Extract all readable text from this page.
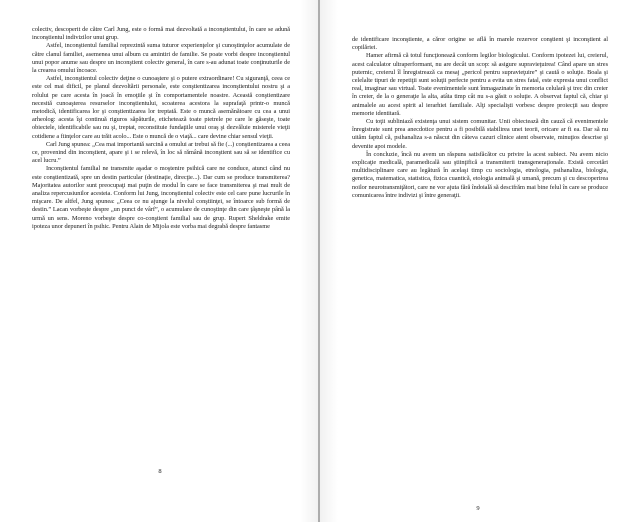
colectiv, descoperit de către Carl Jung, este o formă mai dezvoltată a inconştientului, în care se adună inconştientul indivizilor unui grup.

Astfel, inconştientul familial reprezintă suma tuturor experienţelor şi cunoştinţelor acumulate de către clanul familiei, asemenea unui album cu amintiri de familie. Se poate vorbi despre inconştientul unui popor anume sau despre un inconştient colectiv general, în care s-au adunat toate conţinuturile de la crearea omului încoace.

Astfel, inconştientul colectiv deţine o cunoaştere şi o putere extraordinare! Cu siguranţă, ceea ce este cel mai dificil, pe planul dezvoltării personale, este conştientizarea inconştientului nostru şi a rolului pe care acesta în joacă în emoţiile şi în comportamentele noastre. Această conştientizare necesită cunoaşterea resurselor inconştientului, scoaterea acestora la suprafaţă printr-o muncă metodică, identificarea lor şi conştientizarea lor treptată. Este o muncă asemănătoare cu cea a unui arheolog: acesta îşi continuă riguros săpăturile, etichetează toate pietrele pe care le găseşte, toate obiectele, identificabile sau nu şi, treptat, reconstituie fundaţiile unui oraş şi dezvăluie misterele vieţii cotidiene a fiinţelor care au trăit acolo... Este o muncă de o viaţă... care devine chiar sensul vieţii.

Carl Jung spunea: „Cea mai importantă sarcină a omului ar trebui să fie (...) conştientizarea a ceea ce, provenind din inconştient, apare şi i se relevă, în loc să rămână inconştient sau să se identifice cu acel lucru.”

Inconştientul familial ne transmite aşadar o moştenire psihică care ne conduce, atunci când nu este conştientizată, spre un destin particular (destinaţie, direcţie...). Dar cum se produce transmiterea? Majoritatea autorilor sunt preocupaţi mai puţin de modul în care se face transmiterea şi mai mult de analiza repercusiunilor acesteia. Conform lui Jung, inconştientul colectiv este cel care pune lucrurile în mişcare. De altfel, Jung spunea: „Ceea ce nu ajunge la nivelul conştiinţei, se întoarce sub formă de destin.” Lacan vorbeşte despre „un punct de vârf”, o acumulare de cunoştinţe din care ţâşneşte până la urmă un sens. Moreno vorbeşte despre co-conştient familial sau de grup. Rupert Sheldrake emite ipoteza unor depuneri în psihic. Pentru Alain de Mijola este vorba mai degrabă despre fantasme

8

de identificare inconştiente, a căror origine se află în marele rezervor conştient şi inconştient al copilăriei.

Hamer afirmă că totul funcţionează conform legilor biologicului. Conform ipotezei lui, creierul, acest calculator ultraperformant, nu are decât un scop: să asigure supravieţuirea! Când apare un stres puternic, creierul îl înregistrează ca mesaj „pericol pentru supravieţuire” şi caută o soluţie. Boala şi celelalte tipuri de repetiţii sunt soluţii perfecte pentru a evita un stres fatal, este expresia unui conflict real, imaginar sau virtual. Toate evenimentele sunt înmagazinate în memoria celulară şi trec din creier în creier, de la o generaţie la alta, atâta timp cât nu s-a găsit o soluţie. A observat faptul că, chiar şi animalele au acest spirit al ierarhiei familiale. Alţi specialişti vorbesc despre proiecţii sau despre memorie identitară.

Cu toţii subliniază existenţa unui sistem comunitar. Unii obiectează din cauză că evenimentele înregistrate sunt prea anecdotice pentru a fi posibilă stabilirea unei teorii, oricare ar fi ea. Dar să nu uităm faptul că, psihanaliza s-a născut din câteva cazuri clinice atent observate, minuţios descrise şi devenite apoi modele.

În concluzie, încă nu avem un răspuns satisfăcător cu privire la acest subiect. Nu avem nicio explicaţie medicală, paramedicală sau ştiinţifică a transmiterii transgeneraţionale. Există cercetări multidisciplinare care au legătură în acelaşi timp cu sociologia, etnologia, psihanaliza, biologia, genetica, matematica, statistica, fizica cuantică, etologia animală şi umană, precum şi cu descoperirea noilor neurotransmiţători, care ne vor ajuta fără îndoială să descifrăm mai bine felul în care se produce comunicarea între indivizi şi între generaţii.

9
